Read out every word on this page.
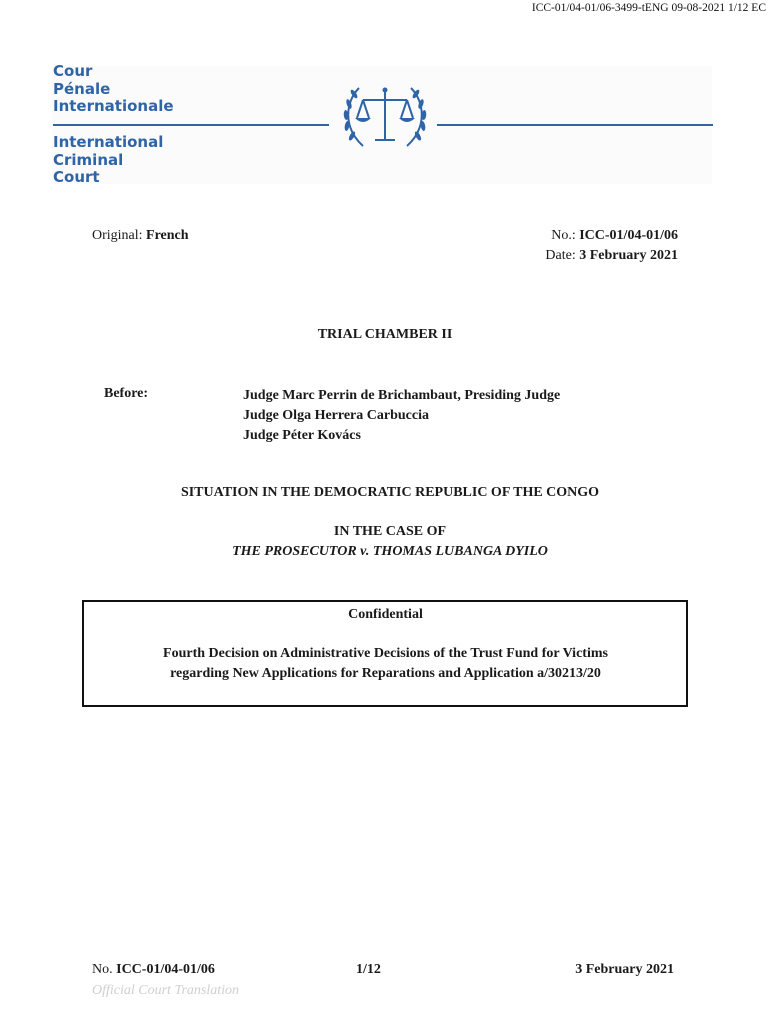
ICC-01/04-01/06-3499-tENG 09-08-2021 1/12 EC
Cour
Pénale
Internationale
International
Criminal
Court
Original: French	No.: ICC-01/04-01/06
Date: 3 February 2021
TRIAL CHAMBER II
Before:	Judge Marc Perrin de Brichambaut, Presiding Judge
Judge Olga Herrera Carbuccia
Judge Péter Kovács
SITUATION IN THE DEMOCRATIC REPUBLIC OF THE CONGO
IN THE CASE OF
THE PROSECUTOR v. THOMAS LUBANGA DYILO
Confidential
Fourth Decision on Administrative Decisions of the Trust Fund for Victims
regarding New Applications for Reparations and Application a/30213/20
No. ICC-01/04-01/06	1/12	3 February 2021
Official Court Translation
